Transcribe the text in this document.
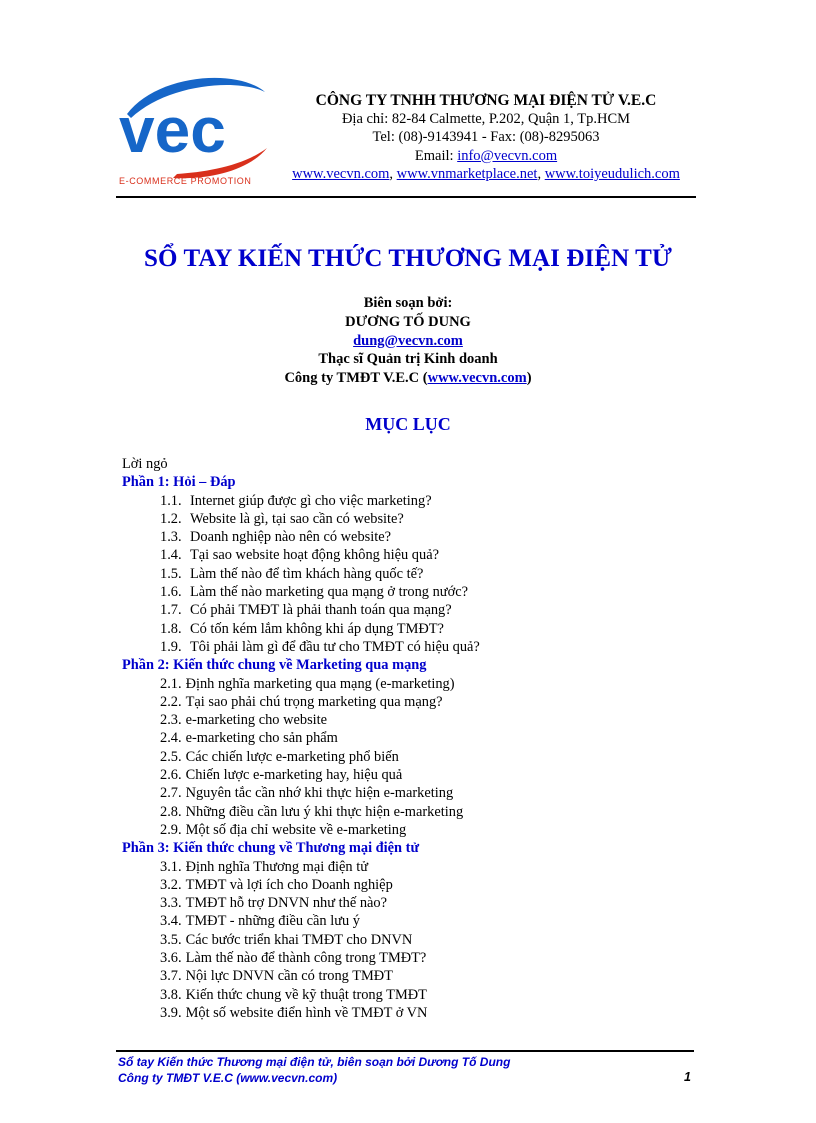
vec
E-COMMERCE PROMOTION
CÔNG TY TNHH THƯƠNG MẠI ĐIỆN TỬ V.E.C
Địa chỉ: 82-84 Calmette, P.202, Quận 1, Tp.HCM
Tel: (08)-9143941 - Fax: (08)-8295063
Email: info@vecvn.com
www.vecvn.com, www.vnmarketplace.net, www.toiyeudulich.com
SỔ TAY KIẾN THỨC THƯƠNG MẠI ĐIỆN TỬ
Biên soạn bởi:
DƯƠNG TỐ DUNG
dung@vecvn.com
Thạc sĩ Quản trị Kinh doanh
Công ty TMĐT V.E.C (www.vecvn.com)
MỤC LỤC

Lời ngỏ

Phần 1: Hỏi – Đáp

1.1. Internet giúp được gì cho việc marketing?

1.2. Website là gì, tại sao cần có website?

1.3. Doanh nghiệp nào nên có website?

1.4. Tại sao website hoạt động không hiệu quả?

1.5. Làm thế nào để tìm khách hàng quốc tế?

1.6. Làm thế nào marketing qua mạng ở trong nước?

1.7. Có phải TMĐT là phải thanh toán qua mạng?

1.8. Có tốn kém lắm không khi áp dụng TMĐT?

1.9. Tôi phải làm gì để đầu tư cho TMĐT có hiệu quả?

Phần 2: Kiến thức chung về Marketing qua mạng

2.1. Định nghĩa marketing qua mạng (e-marketing)

2.2. Tại sao phải chú trọng marketing qua mạng?

2.3. e-marketing cho website

2.4. e-marketing cho sản phẩm

2.5. Các chiến lược e-marketing phổ biến

2.6. Chiến lược e-marketing hay, hiệu quả

2.7. Nguyên tắc cần nhớ khi thực hiện e-marketing

2.8. Những điều cần lưu ý khi thực hiện e-marketing

2.9. Một số địa chỉ website về e-marketing

Phần 3: Kiến thức chung về Thương mại điện tử

3.1. Định nghĩa Thương mại điện tử

3.2. TMĐT và lợi ích cho Doanh nghiệp

3.3. TMĐT hỗ trợ DNVN như thế nào?

3.4. TMĐT - những điều cần lưu ý

3.5. Các bước triển khai TMĐT cho DNVN

3.6. Làm thế nào để thành công trong TMĐT?

3.7. Nội lực DNVN cần có trong TMĐT

3.8. Kiến thức chung về kỹ thuật trong TMĐT

3.9. Một số website điển hình về TMĐT ở VN

Sổ tay Kiến thức Thương mại điện tử, biên soạn bởi Dương Tố Dung
Công ty TMĐT V.E.C (www.vecvn.com)	1
